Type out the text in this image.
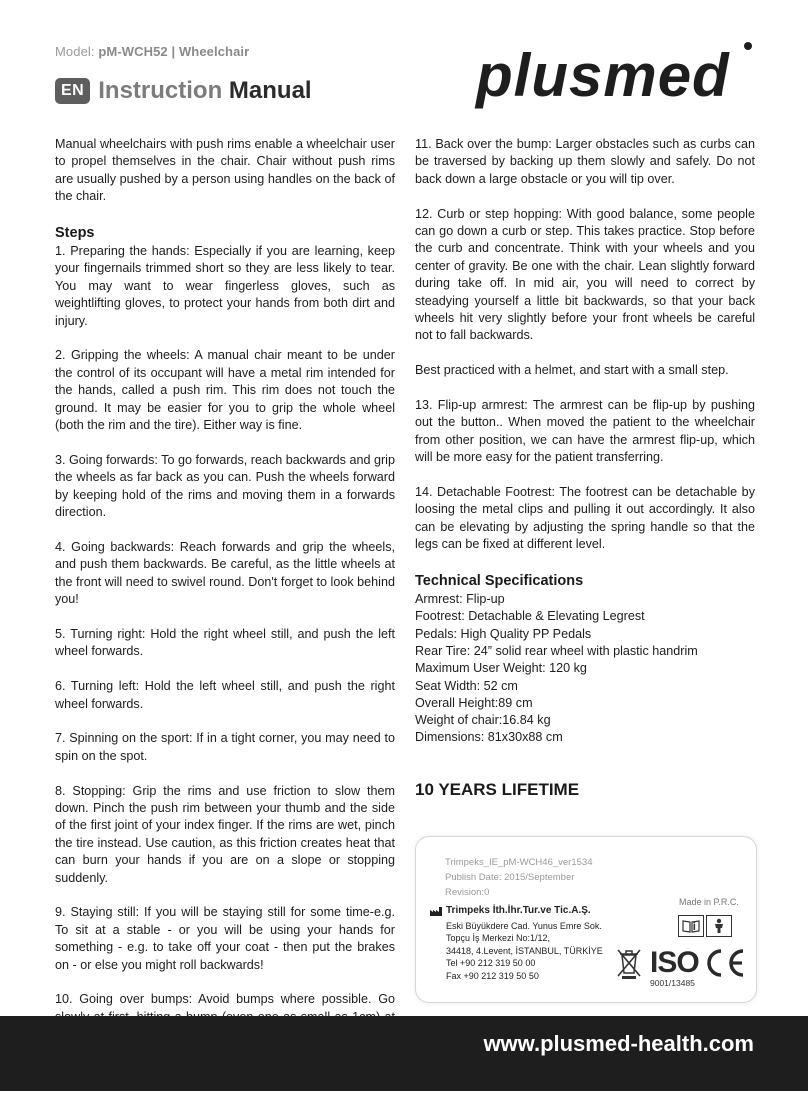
Model: pM-WCH52 | Wheelchair
EN Instruction Manual	plusmed

Manual wheelchairs with push rims enable a wheelchair user to propel themselves in the chair. Chair without push rims are usually pushed by a person using handles on the back of the chair.

Steps

1. Preparing the hands: Especially if you are learning, keep your fingernails trimmed short so they are less likely to tear. You may want to wear fingerless gloves, such as weightlifting gloves, to protect your hands from both dirt and injury.

2. Gripping the wheels: A manual chair meant to be under the control of its occupant will have a metal rim intended for the hands, called a push rim. This rim does not touch the ground. It may be easier for you to grip the whole wheel (both the rim and the tire). Either way is fine.

3. Going forwards: To go forwards, reach backwards and grip the wheels as far back as you can. Push the wheels forward by keeping hold of the rims and moving them in a forwards direction.

4. Going backwards: Reach forwards and grip the wheels, and push them backwards. Be careful, as the little wheels at the front will need to swivel round. Don't forget to look behind you!

5. Turning right: Hold the right wheel still, and push the left wheel forwards.

6. Turning left: Hold the left wheel still, and push the right wheel forwards.

7. Spinning on the sport: If in a tight corner, you may need to spin on the spot.

8. Stopping: Grip the rims and use friction to slow them down. Pinch the push rim between your thumb and the side of the first joint of your index finger. If the rims are wet, pinch the tire instead. Use caution, as this friction creates heat that can burn your hands if you are on a slope or stopping suddenly.

9. Staying still: If you will be staying still for some time-e.g. To sit at a stable - or you will be using your hands for something - e.g. to take off your coat - then put the brakes on - or else you might roll backwards!

10. Going over bumps: Avoid bumps where possible. Go

11. Back over the bump: Larger obstacles such as curbs can be traversed by backing up them slowly and safely. Do not back down a large obstacle or you will tip over.

12. Curb or step hopping: With good balance, some people can go down a curb or step. This takes practice. Stop before the curb and concentrate. Think with your wheels and you center of gravity. Be one with the chair. Lean slightly forward during take off. In mid air, you will need to correct by steadying yourself a little bit backwards, so that your back wheels hit very slightly before your front wheels be careful not to fall backwards.

Best practiced with a helmet, and start with a small step.

13. Flip-up armrest: The armrest can be flip-up by pushing out the button.. When moved the patient to the wheelchair from other position, we can have the armrest flip-up, which will be more easy for the patient transferring.

14. Detachable Footrest: The footrest can be detachable by loosing the metal clips and pulling it out accordingly. It also can be elevating by adjusting the spring handle so that the legs can be fixed at different level.

Technical Specifications
Armrest: Flip-up
Footrest: Detachable & Elevating Legrest
Pedals: High Quality PP Pedals
Rear Tire: 24” solid rear wheel with plastic handrim
Maximum User Weight: 120 kg
Seat Width: 52 cm
Overall Height:89 cm
Weight of chair:16.84 kg
Dimensions: 81x30x88 cm
10 YEARS LIFETIME
Trimpeks_IE_pM-WCH46_ver1534
Publish Date: 2015/September
Revision:0
Made in P.R.C.
Trimpeks İth.İhr.Tur.ve Tic.A.Ş.
Eski Büyükdere Cad. Yunus Emre Sok.
Topçu İş Merkezi No:1/12,
34418, 4.Levent, İSTANBUL, TÜRKİYE
Tel +90 212 319 50 00
Fax +90 212 319 50 50	ISO
9001/13485
www.plusmed-health.com
